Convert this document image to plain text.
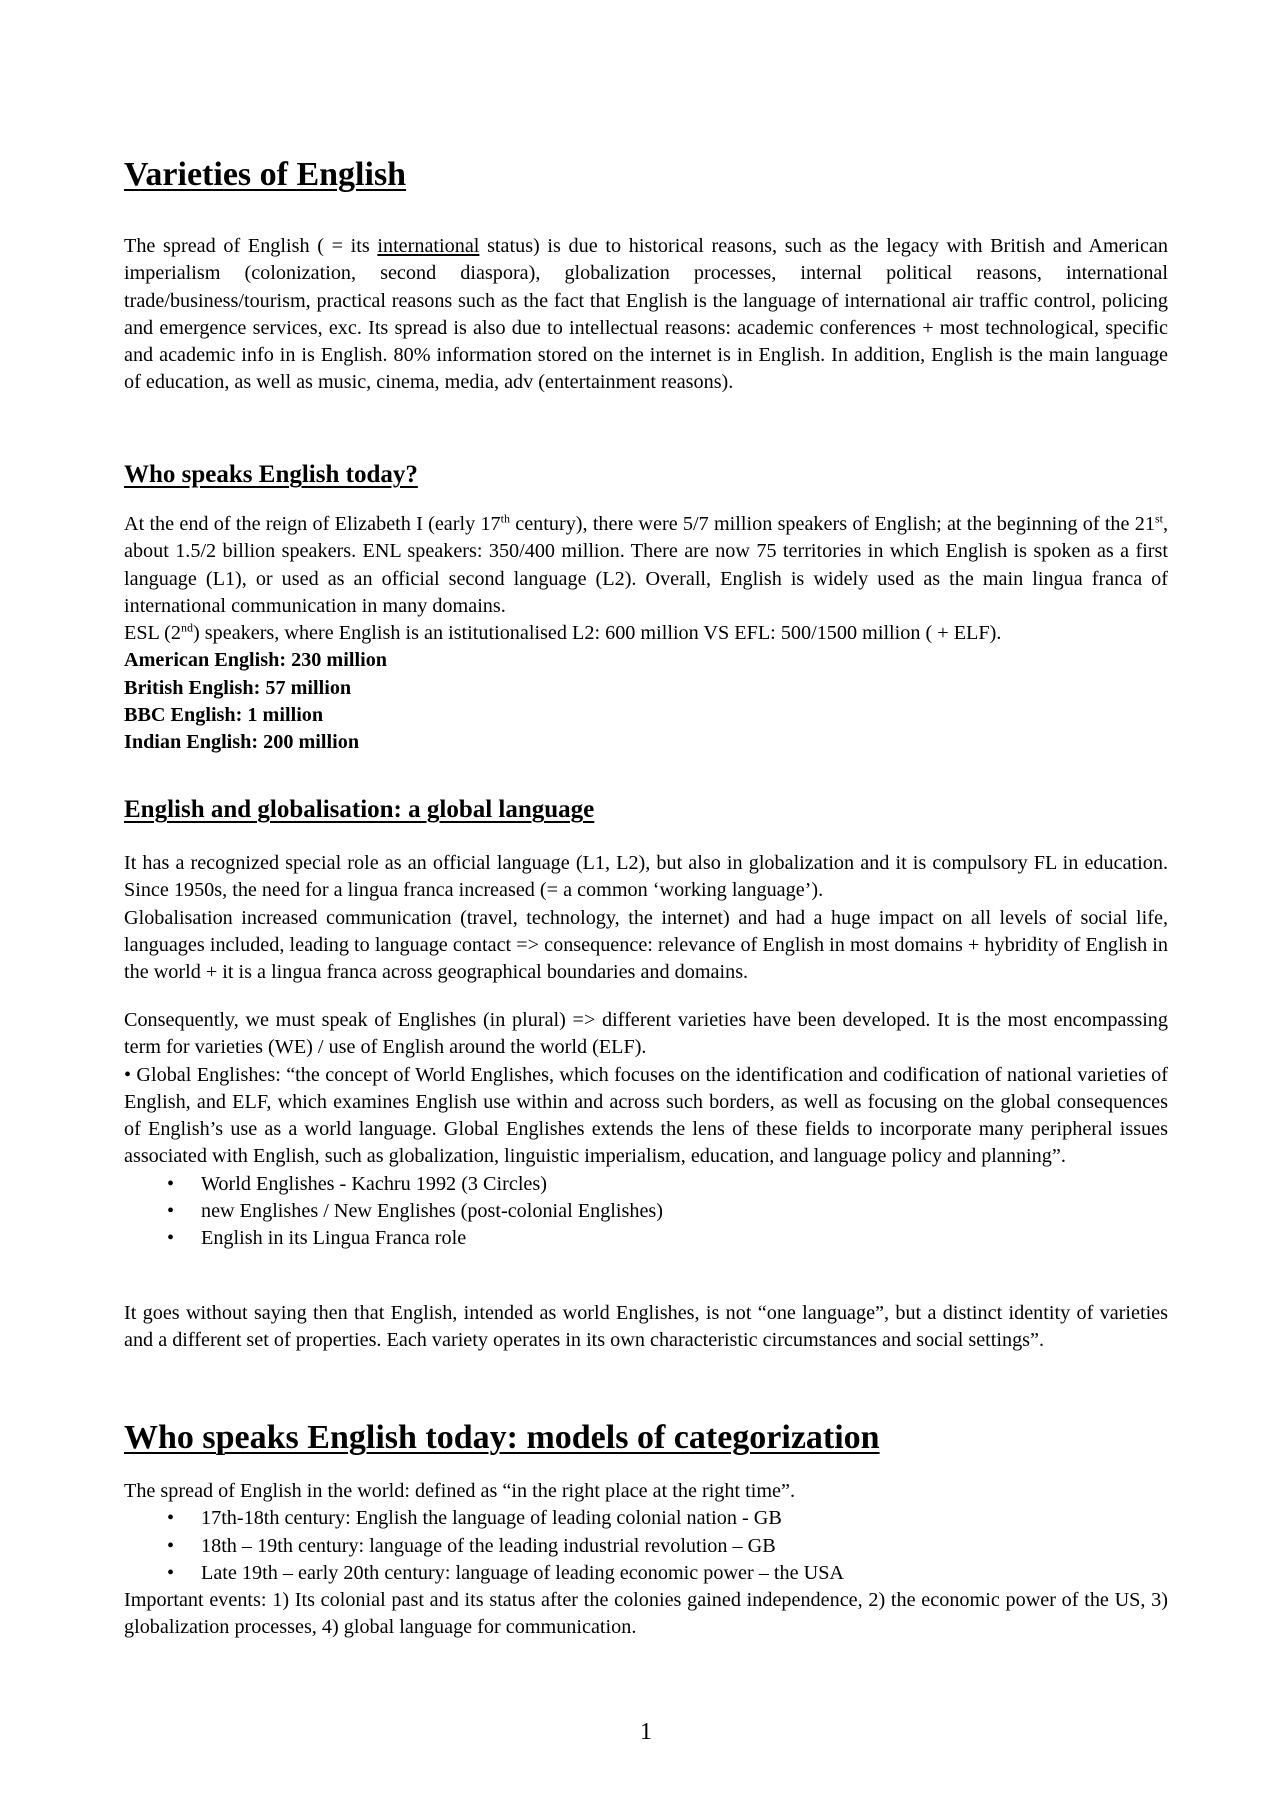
Varieties of English

The spread of English ( = its international status) is due to historical reasons, such as the legacy with British and American imperialism (colonization, second diaspora), globalization processes, internal political reasons, international trade/business/tourism, practical reasons such as the fact that English is the language of international air traffic control, policing and emergence services, exc. Its spread is also due to intellectual reasons: academic conferences + most technological, specific and academic info in is English. 80% information stored on the internet is in English. In addition, English is the main language of education, as well as music, cinema, media, adv (entertainment reasons).

Who speaks English today?

At the end of the reign of Elizabeth I (early 17th century), there were 5/7 million speakers of English; at the beginning of the 21st, about 1.5/2 billion speakers. ENL speakers: 350/400 million. There are now 75 territories in which English is spoken as a first language (L1), or used as an official second language (L2). Overall, English is widely used as the main lingua franca of international communication in many domains.

ESL (2nd) speakers, where English is an istitutionalised L2: 600 million VS EFL: 500/1500 million ( + ELF).

American English: 230 million

British English: 57 million

BBC English: 1 million

Indian English: 200 million

English and globalisation: a global language

It has a recognized special role as an official language (L1, L2), but also in globalization and it is compulsory FL in education. Since 1950s, the need for a lingua franca increased (= a common ‘working language’).

Globalisation increased communication (travel, technology, the internet) and had a huge impact on all levels of social life, languages included, leading to language contact => consequence: relevance of English in most domains + hybridity of English in the world + it is a lingua franca across geographical boundaries and domains.

Consequently, we must speak of Englishes (in plural) => different varieties have been developed. It is the most encompassing term for varieties (WE) / use of English around the world (ELF).

• Global Englishes: “the concept of World Englishes, which focuses on the identification and codification of national varieties of English, and ELF, which examines English use within and across such borders, as well as focusing on the global consequences of English’s use as a world language. Global Englishes extends the lens of these fields to incorporate many peripheral issues associated with English, such as globalization, linguistic imperialism, education, and language policy and planning”.

• World Englishes - Kachru 1992 (3 Circles)
• new Englishes / New Englishes (post-colonial Englishes)
• English in its Lingua Franca role
It goes without saying then that English, intended as world Englishes, is not “one language”, but a distinct identity of varieties and a different set of properties. Each variety operates in its own characteristic circumstances and social settings”.
Who speaks English today: models of categorization

The spread of English in the world: defined as “in the right place at the right time”.

• 17th-18th century: English the language of leading colonial nation - GB
• 18th – 19th century: language of the leading industrial revolution – GB
• Late 19th – early 20th century: language of leading economic power – the USA

Important events: 1) Its colonial past and its status after the colonies gained independence, 2) the economic power of the US, 3) globalization processes, 4) global language for communication.

1
